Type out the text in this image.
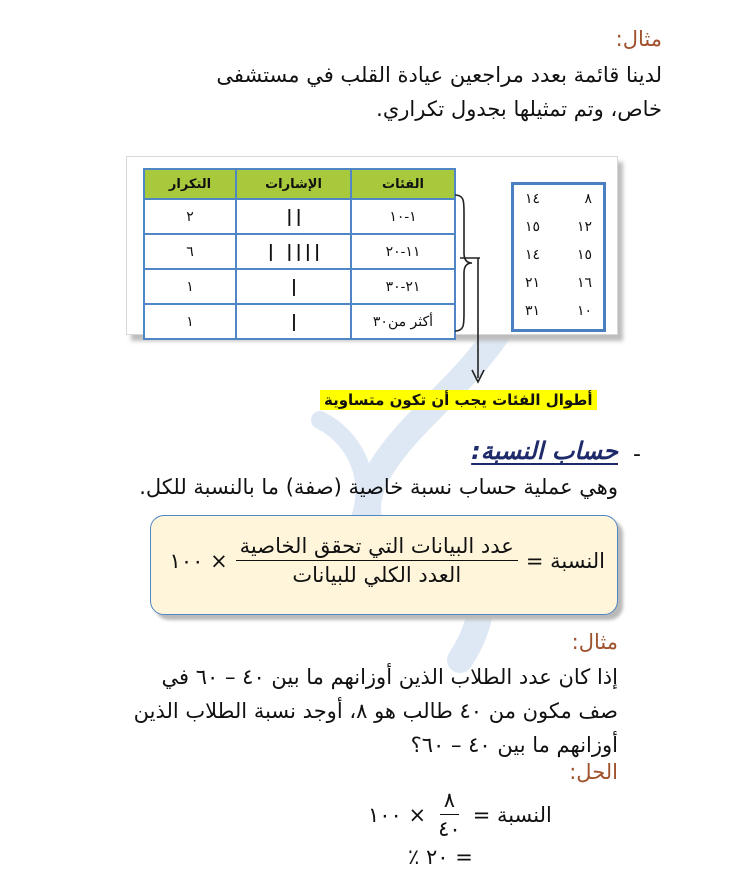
مثال:
لدينا قائمة بعدد مراجعين عيادة القلب في مستشفى
خاص، وتم تمثيلها بجدول تكراري.
الفئات	الإشارات	التكرار
١-١٠	||	٢
١١-٢٠	|||| |	٦
٢١-٣٠	|	١
أكثر من٣٠	|	١
١٤	٨
١٥	١٢
١٤	١٥
٢١	١٦
٣١	١٠
أطوال الفئات يجب أن تكون متساوية
-
حساب النسبة:
وهي عملية حساب نسبة خاصية (صفة) ما بالنسبة للكل.
النسبة =
$\frac{\text{عدد البيانات التي تحقق الخاصية}}{\text{العدد الكلي للبيانات}}$
× ١٠٠
مثال:
إذا كان عدد الطلاب الذين أوزانهم ما بين ٤٠ – ٦٠ في
صف مكون من ٤٠ طالب هو ٨، أوجد نسبة الطلاب الذين
أوزانهم ما بين ٤٠ – ٦٠؟
الحل:
النسبة =
$\frac{٨}{٤٠}$
× ١٠٠
= ٢٠ ٪
